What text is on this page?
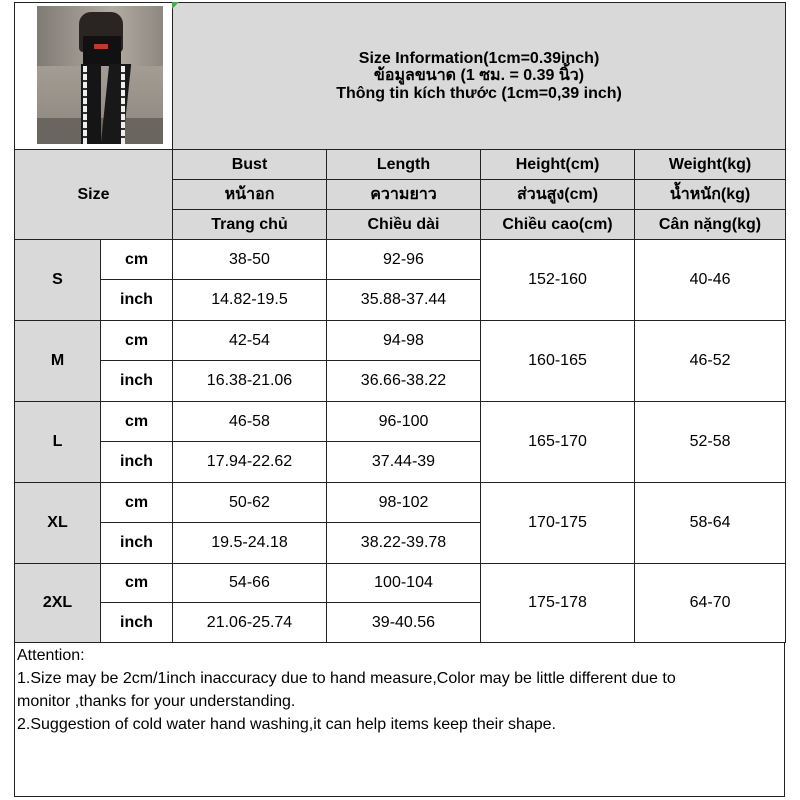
		Size Information(1cm=0.39inch)
ข้อมูลขนาด (1 ซม. = 0.39 นิ้ว)
Thông tin kích thước (1cm=0,39 inch)			

Size		Bust	Length	Height(cm)	Weight(kg)
		หน้าอก	ความยาว	ส่วนสูง(cm)	น้ำหนัก(kg)
		Trang chủ	Chiều dài	Chiều cao(cm)	Cân nặng(kg)
S	cm	38-50	92-96	152-160	40-46
	inch	14.82-19.5	35.88-37.44		
M	cm	42-54	94-98	160-165	46-52
	inch	16.38-21.06	36.66-38.22		
L	cm	46-58	96-100	165-170	52-58
	inch	17.94-22.62	37.44-39		
XL	cm	50-62	98-102	170-175	58-64
	inch	19.5-24.18	38.22-39.78		
2XL	cm	54-66	100-104	175-178	64-70
	inch	21.06-25.74	39-40.56		
Attention:
1.Size may be 2cm/1inch inaccuracy due to hand measure,Color may be little different due to
monitor ,thanks for your understanding.
2.Suggestion of cold water hand washing,it can help items keep their shape.
